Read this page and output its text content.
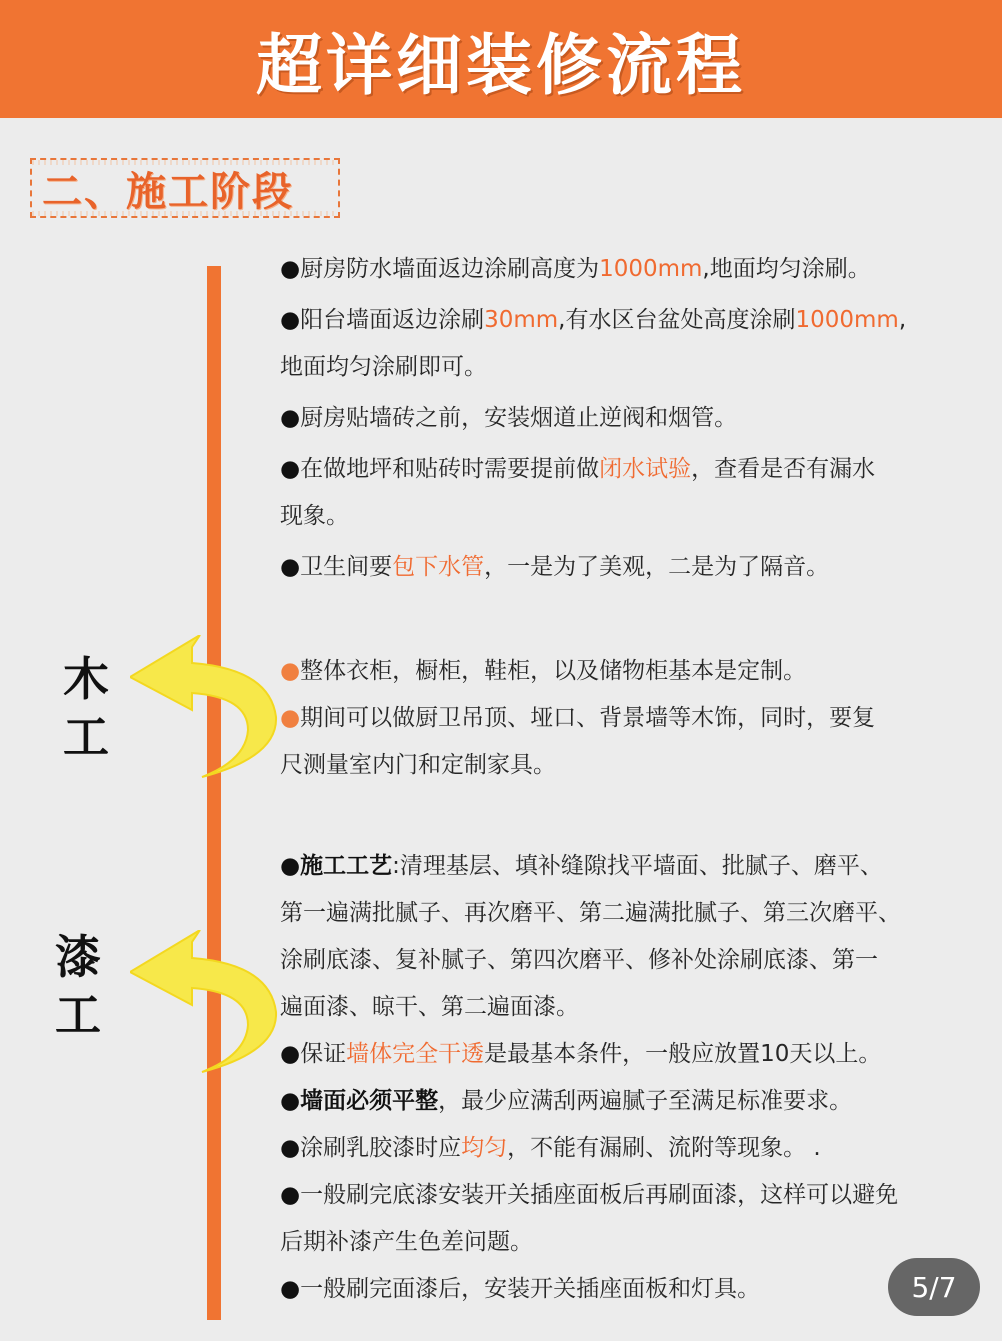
超详细装修流程
二、施工阶段
木
工
漆
工

●厨房防水墙面返边涂刷高度为1000mm,地面均匀涂刷。

●阳台墙面返边涂刷30mm,有水区台盆处高度涂刷1000mm,
地面均匀涂刷即可。

●厨房贴墙砖之前，安装烟道止逆阀和烟管。

●在做地坪和贴砖时需要提前做闭水试验，查看是否有漏水
现象。

●卫生间要包下水管，一是为了美观，二是为了隔音。

●整体衣柜，橱柜，鞋柜，以及储物柜基本是定制。

●期间可以做厨卫吊顶、垭口、背景墙等木饰，同时，要复
尺测量室内门和定制家具。

●施工工艺:清理基层、填补缝隙找平墙面、批腻子、磨平、
第一遍满批腻子、再次磨平、第二遍满批腻子、第三次磨平、
涂刷底漆、复补腻子、第四次磨平、修补处涂刷底漆、第一
遍面漆、晾干、第二遍面漆。

●保证墙体完全干透是最基本条件，一般应放置10天以上。

●墙面必须平整，最少应满刮两遍腻子至满足标准要求。

●涂刷乳胶漆时应均匀，不能有漏刷、流附等现象。 .

●一般刷完底漆安装开关插座面板后再刷面漆，这样可以避免
后期补漆产生色差问题。

●一般刷完面漆后，安装开关插座面板和灯具。	5/7
